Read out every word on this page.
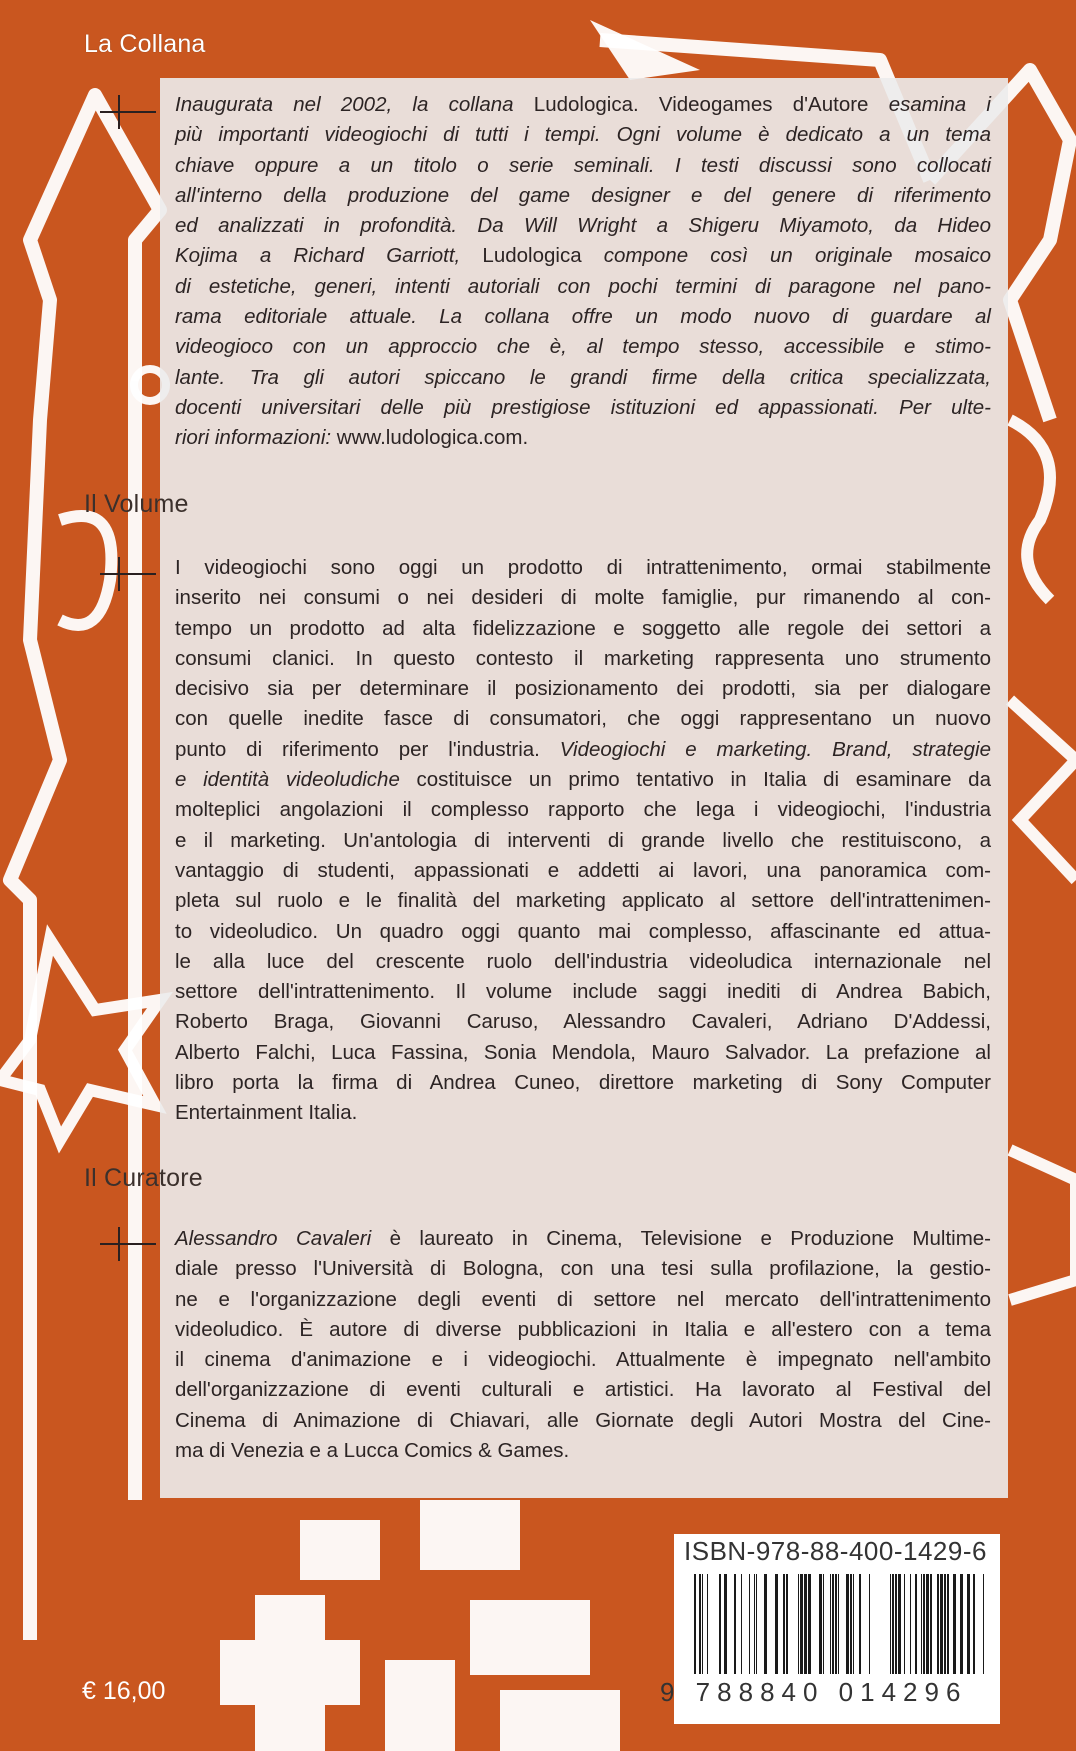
La Collana
Inaugurata nel 2002, la collana Ludologica. Videogames d'Autore esamina i
più importanti videogiochi di tutti i tempi. Ogni volume è dedicato a un tema
chiave oppure a un titolo o serie seminali. I testi discussi sono collocati
all'interno della produzione del game designer e del genere di riferimento
ed analizzati in profondità. Da Will Wright a Shigeru Miyamoto, da Hideo
Kojima a Richard Garriott, Ludologica compone così un originale mosaico
di estetiche, generi, intenti autoriali con pochi termini di paragone nel pano-
rama editoriale attuale. La collana offre un modo nuovo di guardare al
videogioco con un approccio che è, al tempo stesso, accessibile e stimo-
lante. Tra gli autori spiccano le grandi firme della critica specializzata,
docenti universitari delle più prestigiose istituzioni ed appassionati. Per ulte-
riori informazioni: www.ludologica.com.
Il Volume
I videogiochi sono oggi un prodotto di intrattenimento, ormai stabilmente
inserito nei consumi o nei desideri di molte famiglie, pur rimanendo al con-
tempo un prodotto ad alta fidelizzazione e soggetto alle regole dei settori a
consumi clanici. In questo contesto il marketing rappresenta uno strumento
decisivo sia per determinare il posizionamento dei prodotti, sia per dialogare
con quelle inedite fasce di consumatori, che oggi rappresentano un nuovo
punto di riferimento per l'industria. Videogiochi e marketing. Brand, strategie
e identità videoludiche costituisce un primo tentativo in Italia di esaminare da
molteplici angolazioni il complesso rapporto che lega i videogiochi, l'industria
e il marketing. Un'antologia di interventi di grande livello che restituiscono, a
vantaggio di studenti, appassionati e addetti ai lavori, una panoramica com-
pleta sul ruolo e le finalità del marketing applicato al settore dell'intrattenimen-
to videoludico. Un quadro oggi quanto mai complesso, affascinante ed attua-
le alla luce del crescente ruolo dell'industria videoludica internazionale nel
settore dell'intrattenimento. Il volume include saggi inediti di Andrea Babich,
Roberto Braga, Giovanni Caruso, Alessandro Cavaleri, Adriano D'Addessi,
Alberto Falchi, Luca Fassina, Sonia Mendola, Mauro Salvador. La prefazione al
libro porta la firma di Andrea Cuneo, direttore marketing di Sony Computer
Entertainment Italia.
Il Curatore
Alessandro Cavaleri è laureato in Cinema, Televisione e Produzione Multime-
diale presso l'Università di Bologna, con una tesi sulla profilazione, la gestio-
ne e l'organizzazione degli eventi di settore nel mercato dell'intrattenimento
videoludico. È autore di diverse pubblicazioni in Italia e all'estero con a tema
il cinema d'animazione e i videogiochi. Attualmente è impegnato nell'ambito
dell'organizzazione di eventi culturali e artistici. Ha lavorato al Festival del
Cinema di Animazione di Chiavari, alle Giornate degli Autori Mostra del Cine-
ma di Venezia e a Lucca Comics & Games.
ISBN-978-88-400-1429-6
9 788840 014296
€ 16,00
